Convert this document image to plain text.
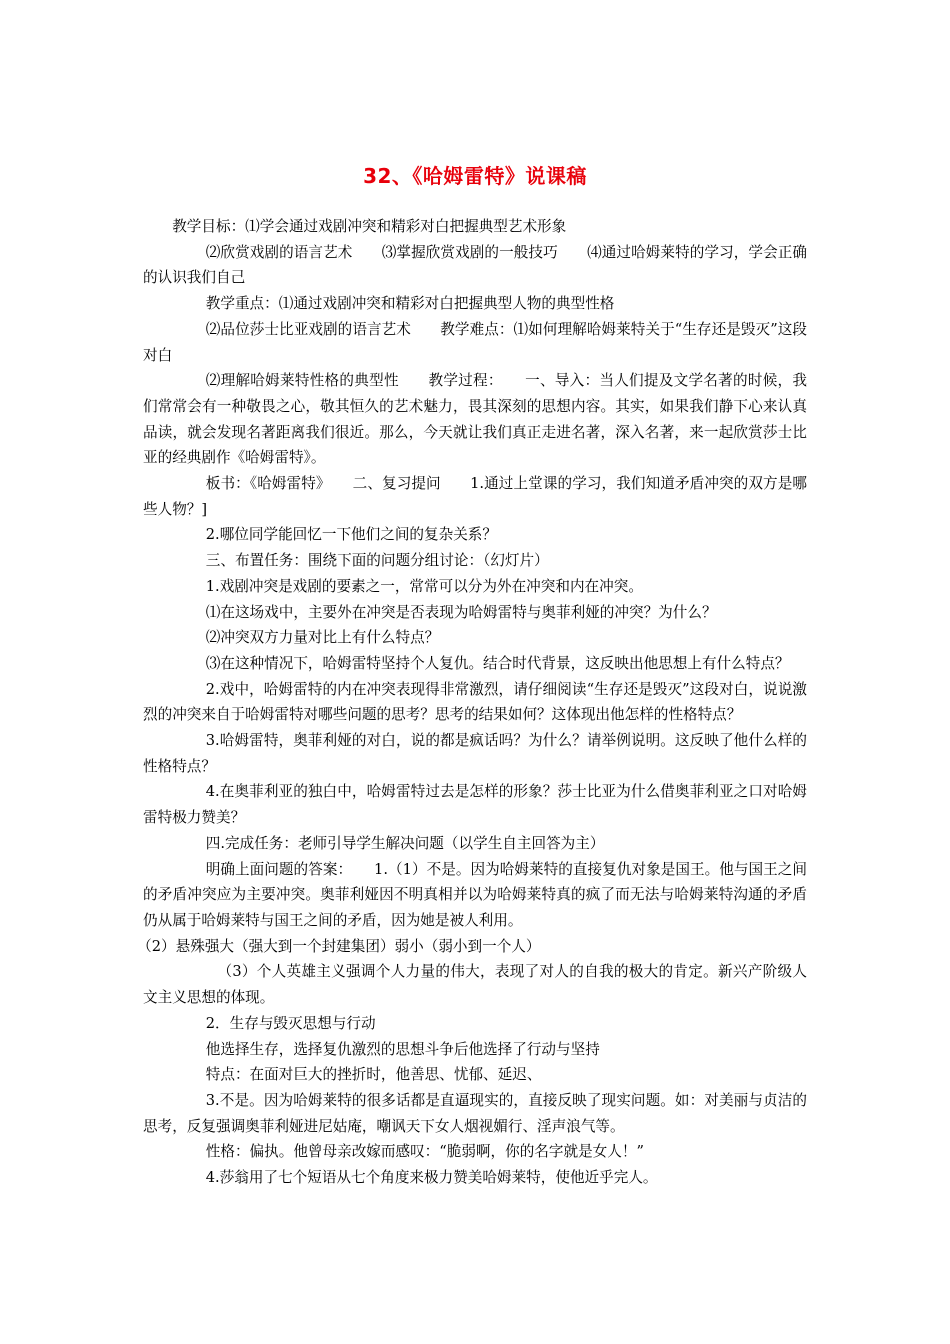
32、《哈姆雷特》说课稿

教学目标：⑴学会通过戏剧冲突和精彩对白把握典型艺术形象

⑵欣赏戏剧的语言艺术　　⑶掌握欣赏戏剧的一般技巧　　⑷通过哈姆莱特的学习，学会正确的认识我们自己

教学重点：⑴通过戏剧冲突和精彩对白把握典型人物的典型性格

⑵品位莎士比亚戏剧的语言艺术　　教学难点：⑴如何理解哈姆莱特关于“生存还是毁灭”这段对白

⑵理解哈姆莱特性格的典型性　　教学过程：　　一、导入：当人们提及文学名著的时候，我们常常会有一种敬畏之心，敬其恒久的艺术魅力，畏其深刻的思想内容。其实，如果我们静下心来认真品读，就会发现名著距离我们很近。那么，今天就让我们真正走进名著，深入名著，来一起欣赏莎士比亚的经典剧作《哈姆雷特》。

板书：《哈姆雷特》　　二、复习提问　　1.通过上堂课的学习，我们知道矛盾冲突的双方是哪些人物？]

2.哪位同学能回忆一下他们之间的复杂关系？

三、布置任务：围绕下面的问题分组讨论：（幻灯片）

1.戏剧冲突是戏剧的要素之一，常常可以分为外在冲突和内在冲突。

⑴在这场戏中，主要外在冲突是否表现为哈姆雷特与奥菲利娅的冲突？为什么？

⑵冲突双方力量对比上有什么特点？

⑶在这种情况下，哈姆雷特坚持个人复仇。结合时代背景，这反映出他思想上有什么特点？

2.戏中，哈姆雷特的内在冲突表现得非常激烈，请仔细阅读“生存还是毁灭”这段对白，说说激烈的冲突来自于哈姆雷特对哪些问题的思考？思考的结果如何？这体现出他怎样的性格特点？

3.哈姆雷特，奥菲利娅的对白，说的都是疯话吗？为什么？请举例说明。这反映了他什么样的性格特点？

4.在奥菲利亚的独白中，哈姆雷特过去是怎样的形象？莎士比亚为什么借奥菲利亚之口对哈姆雷特极力赞美？

四.完成任务：老师引导学生解决问题（以学生自主回答为主）

明确上面问题的答案：　　1.（1）不是。因为哈姆莱特的直接复仇对象是国王。他与国王之间的矛盾冲突应为主要冲突。奥菲利娅因不明真相并以为哈姆莱特真的疯了而无法与哈姆莱特沟通的矛盾仍从属于哈姆莱特与国王之间的矛盾，因为她是被人利用。

（2）悬殊强大（强大到一个封建集团）弱小（弱小到一个人）

（3）个人英雄主义强调个人力量的伟大，表现了对人的自我的极大的肯定。新兴产阶级人文主义思想的体现。

2．生存与毁灭思想与行动

他选择生存，选择复仇激烈的思想斗争后他选择了行动与坚持

特点：在面对巨大的挫折时，他善思、忧郁、延迟、

3.不是。因为哈姆莱特的很多话都是直逼现实的，直接反映了现实问题。如：对美丽与贞洁的思考，反复强调奥菲利娅进尼姑庵，嘲讽天下女人烟视媚行、淫声浪气等。

性格：偏执。他曾母亲改嫁而感叹：“脆弱啊，你的名字就是女人！”

4.莎翁用了七个短语从七个角度来极力赞美哈姆莱特，使他近乎完人。
